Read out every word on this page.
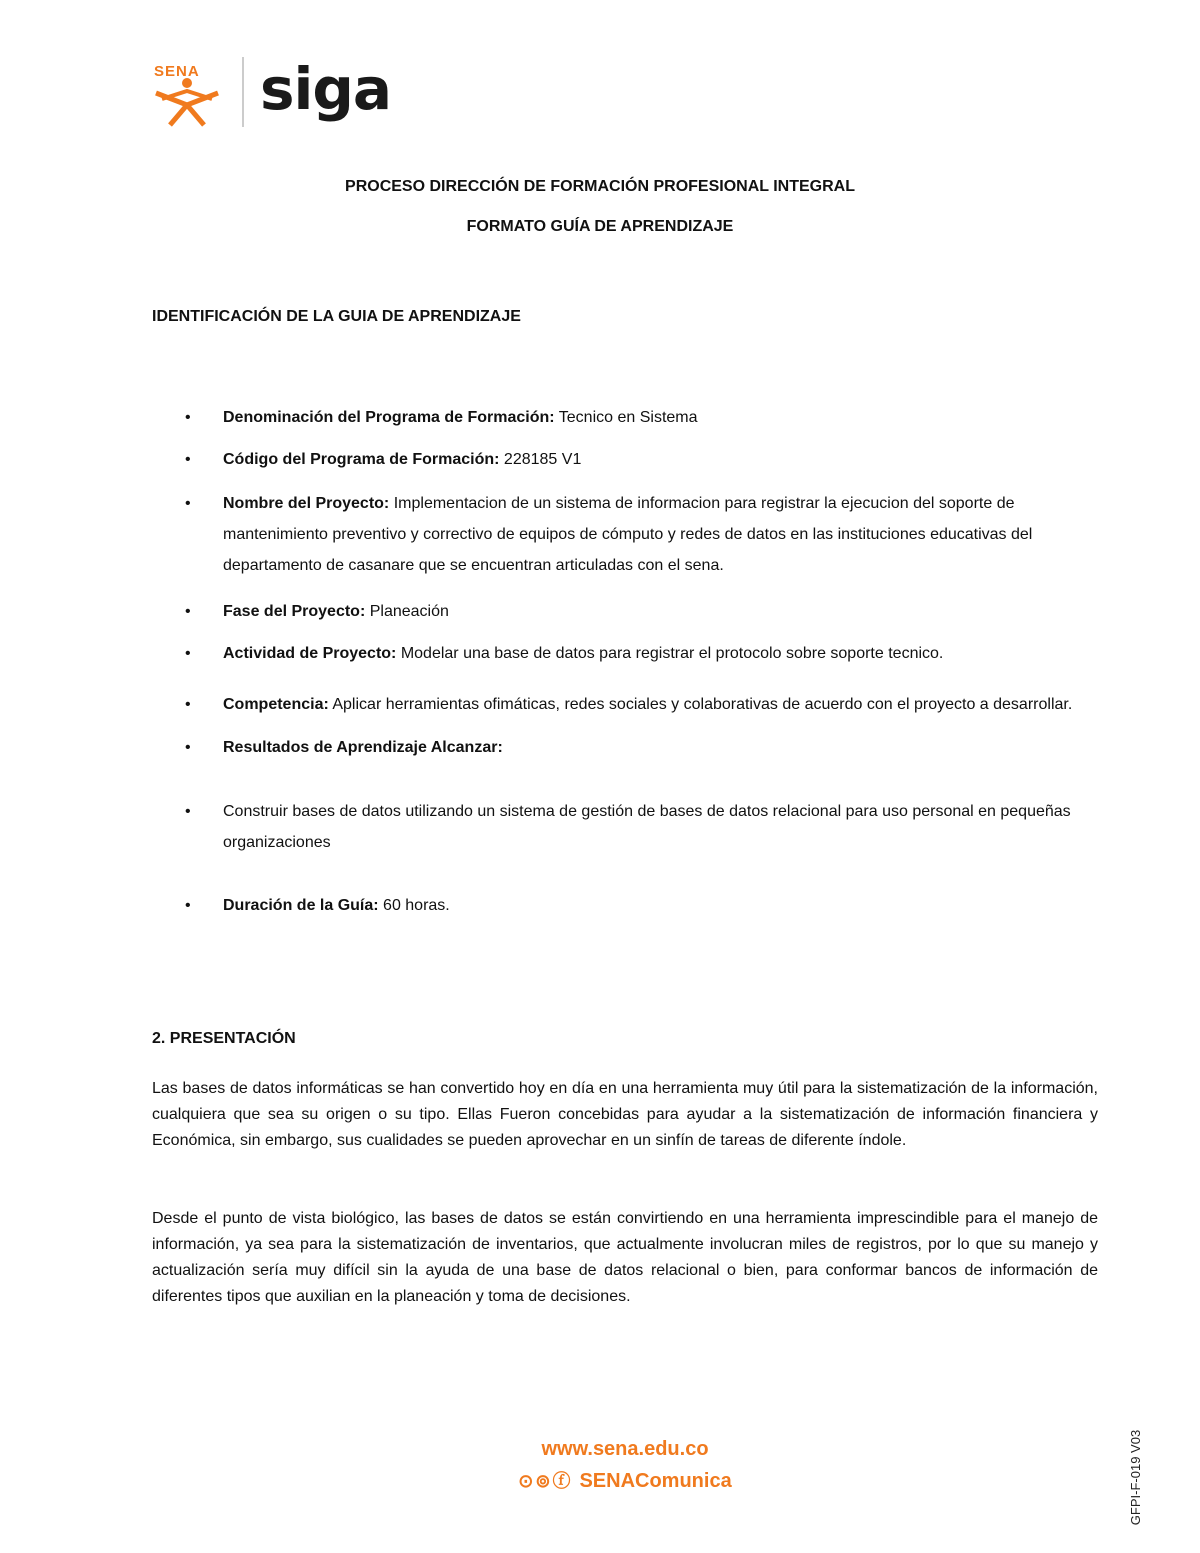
SENA siga
PROCESO DIRECCIÓN DE FORMACIÓN PROFESIONAL INTEGRAL
FORMATO GUÍA DE APRENDIZAJE
IDENTIFICACIÓN DE LA GUIA DE APRENDIZAJE
• Denominación del Programa de Formación: Tecnico en Sistema
• Código del Programa de Formación: 228185 V1
• Nombre del Proyecto: Implementacion de un sistema de informacion para registrar la ejecucion del soporte de mantenimiento preventivo y correctivo de equipos de cómputo y redes de datos en las instituciones educativas del departamento de casanare que se encuentran articuladas con el sena.
• Fase del Proyecto: Planeación
• Actividad de Proyecto: Modelar una base de datos para registrar el protocolo sobre soporte tecnico.
• Competencia: Aplicar herramientas ofimáticas, redes sociales y colaborativas de acuerdo con el proyecto a desarrollar.
• Resultados de Aprendizaje Alcanzar:
• Construir bases de datos utilizando un sistema de gestión de bases de datos relacional para uso personal en pequeñas organizaciones
• Duración de la Guía: 60 horas.
2. PRESENTACIÓN
Las bases de datos informáticas se han convertido hoy en día en una herramienta muy útil para la sistematización de la información, cualquiera que sea su origen o su tipo. Ellas Fueron concebidas para ayudar a la sistematización de información financiera y Económica, sin embargo, sus cualidades se pueden aprovechar en un sinfín de tareas de diferente índole.
Desde el punto de vista biológico, las bases de datos se están convirtiendo en una herramienta imprescindible para el manejo de información, ya sea para la sistematización de inventarios, que actualmente involucran miles de registros, por lo que su manejo y actualización sería muy difícil sin la ayuda de una base de datos relacional o bien, para conformar bancos de información de diferentes tipos que auxilian en la planeación y toma de decisiones.
www.sena.edu.co
⊙⊚ⓕ SENAComunica	GFPI-F-019 V03
